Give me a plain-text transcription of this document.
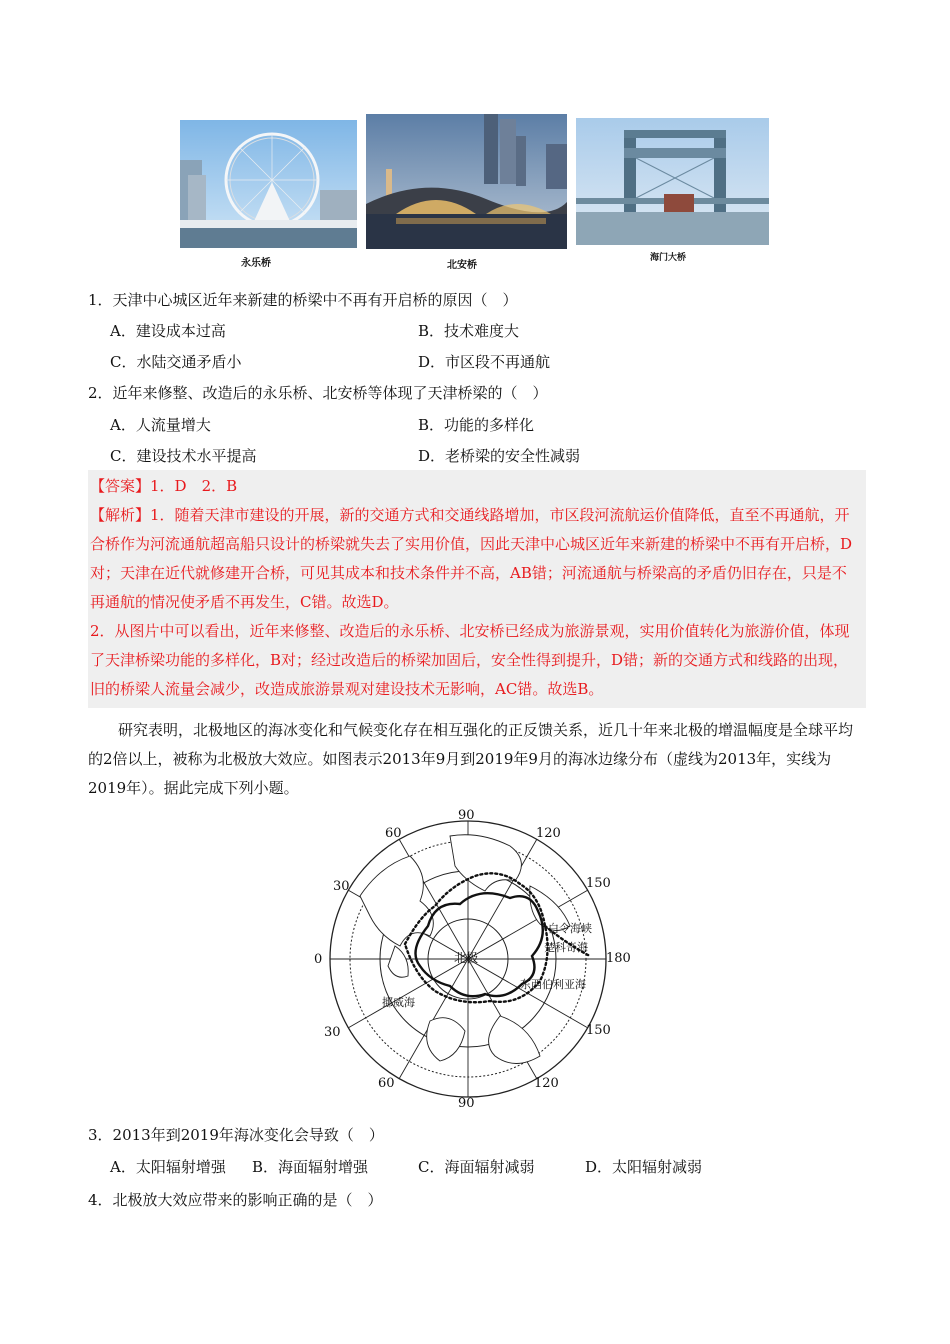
永乐桥	北安桥
海门大桥
1．天津中心城区近年来新建的桥梁中不再有开启桥的原因（　）
A．建设成本过高	B．技术难度大
C．水陆交通矛盾小	D．市区段不再通航
2．近年来修整、改造后的永乐桥、北安桥等体现了天津桥梁的（　）
A．人流量增大	B．功能的多样化
C．建设技术水平提高	D．老桥梁的安全性减弱
【答案】1．D　2．B
【解析】1．随着天津市建设的开展，新的交通方式和交通线路增加，市区段河流航运价值降低，直至不再通航，开合桥作为河流通航超高船只设计的桥梁就失去了实用价值，因此天津中心城区近年来新建的桥梁中不再有开启桥，D对；天津在近代就修建开合桥，可见其成本和技术条件并不高，AB错；河流通航与桥梁高的矛盾仍旧存在，只是不再通航的情况使矛盾不再发生，C错。故选D。
2．从图片中可以看出，近年来修整、改造后的永乐桥、北安桥已经成为旅游景观，实用价值转化为旅游价值，体现了天津桥梁功能的多样化，B对；经过改造后的桥梁加固后，安全性得到提升，D错；新的交通方式和线路的出现，旧的桥梁人流量会减少，改造成旅游景观对建设技术无影响，AC错。故选B。
研究表明，北极地区的海冰变化和气候变化存在相互强化的正反馈关系，近几十年来北极的增温幅度是全球平均的2倍以上，被称为北极放大效应。如图表示2013年9月到2019年9月的海冰边缘分布（虚线为2013年，实线为2019年）。据此完成下列小题。
90
60	120
30	150
0	180
30	150
60	120
90
北极
白令海峡
楚科奇海
东西伯利亚海
挪威海
3．2013年到2019年海冰变化会导致（　）
A．太阳辐射增强 B．海面辐射增强	C．海面辐射减弱	D．太阳辐射减弱
4．北极放大效应带来的影响正确的是（　）
